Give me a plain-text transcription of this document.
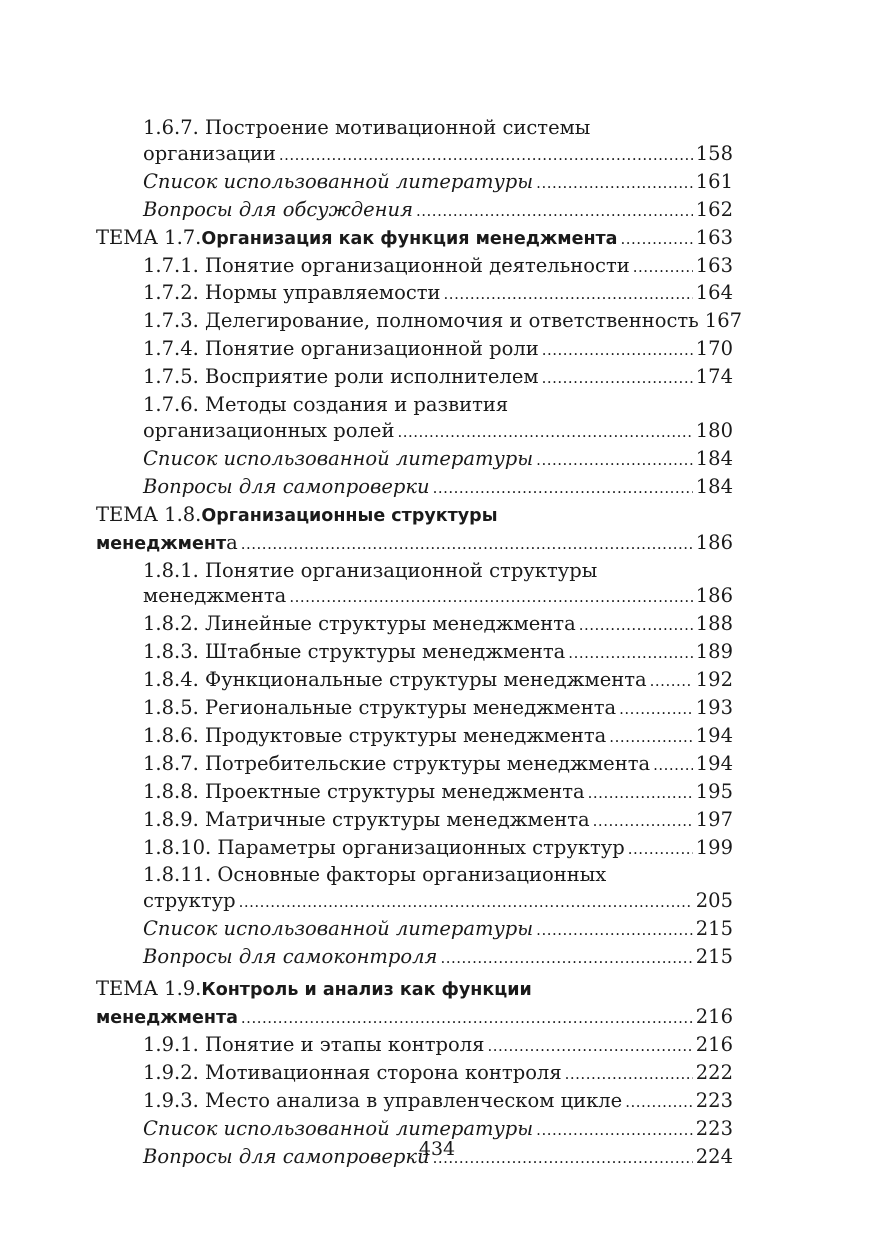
1.6.7. Построение мотивационной системы
организации .....	158
Список использованной литературы .....	161
Вопросы для обсуждения .....	162
ТЕМА 1.7. Организация как функция менеджмента .....	163
1.7.1. Понятие организационной деятельности .....	163
1.7.2. Нормы управляемости .....	164
1.7.3. Делегирование, полномочия и ответственность 167
1.7.4. Понятие организационной роли .....	170
1.7.5. Восприятие роли исполнителем .....	174
1.7.6. Методы создания и развития
организационных ролей .....	180
Список использованной литературы .....	184
Вопросы для самопроверки .....	184
ТЕМА 1.8. Организационные структуры
менеджмент а .....	186
1.8.1. Понятие организационной структуры
менеджмента .....	186
1.8.2. Линейные структуры менеджмента .....	188
1.8.3. Штабные структуры менеджмента .....	189
1.8.4. Функциональные структуры менеджмента .....	192
1.8.5. Региональные структуры менеджмента .....	193
1.8.6. Продуктовые структуры менеджмента .....	194
1.8.7. Потребительские структуры менеджмента ..... 194
1.8.8. Проектные структуры менеджмента .....	195
1.8.9. Матричные структуры менеджмента .....	197
1.8.10. Параметры организационных структур .....	199
1.8.11. Основные факторы организационных
структур .....	205
Список использованной литературы .....	215
Вопросы для самоконтроля .....	215
ТЕМА 1.9. Контроль и анализ как функции
менеджмента .....	216
1.9.1. Понятие и этапы контроля .....	216
1.9.2. Мотивационная сторона контроля .....	222
1.9.3. Место анализа в управленческом цикле .....	223
Список использованной литературы .....	223
Вопросы для самопроверки .....	224
434
